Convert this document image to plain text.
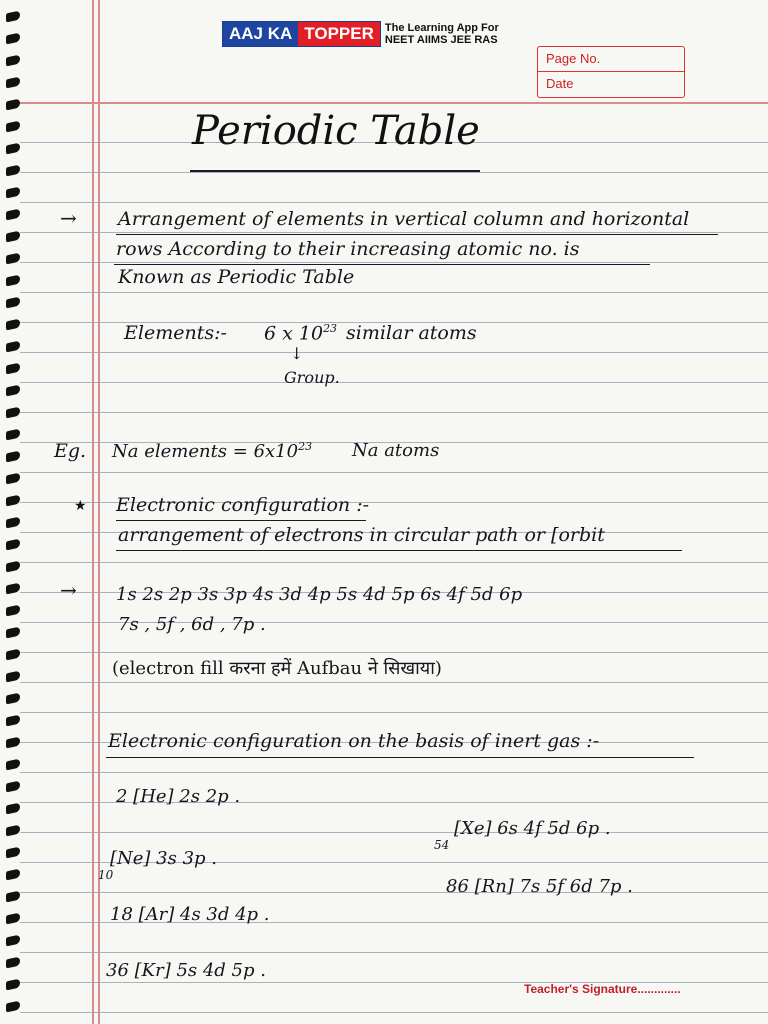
AAJ KA TOPPER	The Learning App For
NEET AIIMS JEE RAS
Page No.
Date
Periodic Table
→ Arrangement of elements in vertical column and horizontal
rows According to their increasing atomic no. is
Known as Periodic Table
Elements:- 6 x $10^{23}$ similar atoms
↓
Group.
Eg. Na elements = $6x10^{23}$ Na atoms
★ Electronic configuration :-
arrangement of electrons in circular path or [orbit
→ 1s 2s 2p 3s 3p 4s 3d 4p 5s 4d 5p 6s 4f 5d 6p
7s , 5f , 6d , 7p .
(electron fill करना हमें Aufbau ने सिखाया)
Electronic configuration on the basis of inert gas :-
2 [He] 2s 2p .
10
[Ne] 3s 3p .
18 [Ar] 4s 3d 4p .
36 [Kr] 5s 4d 5p .
54
[Xe] 6s 4f 5d 6p .
86 [Rn] 7s 5f 6d 7p .
Teacher's Signature.............
